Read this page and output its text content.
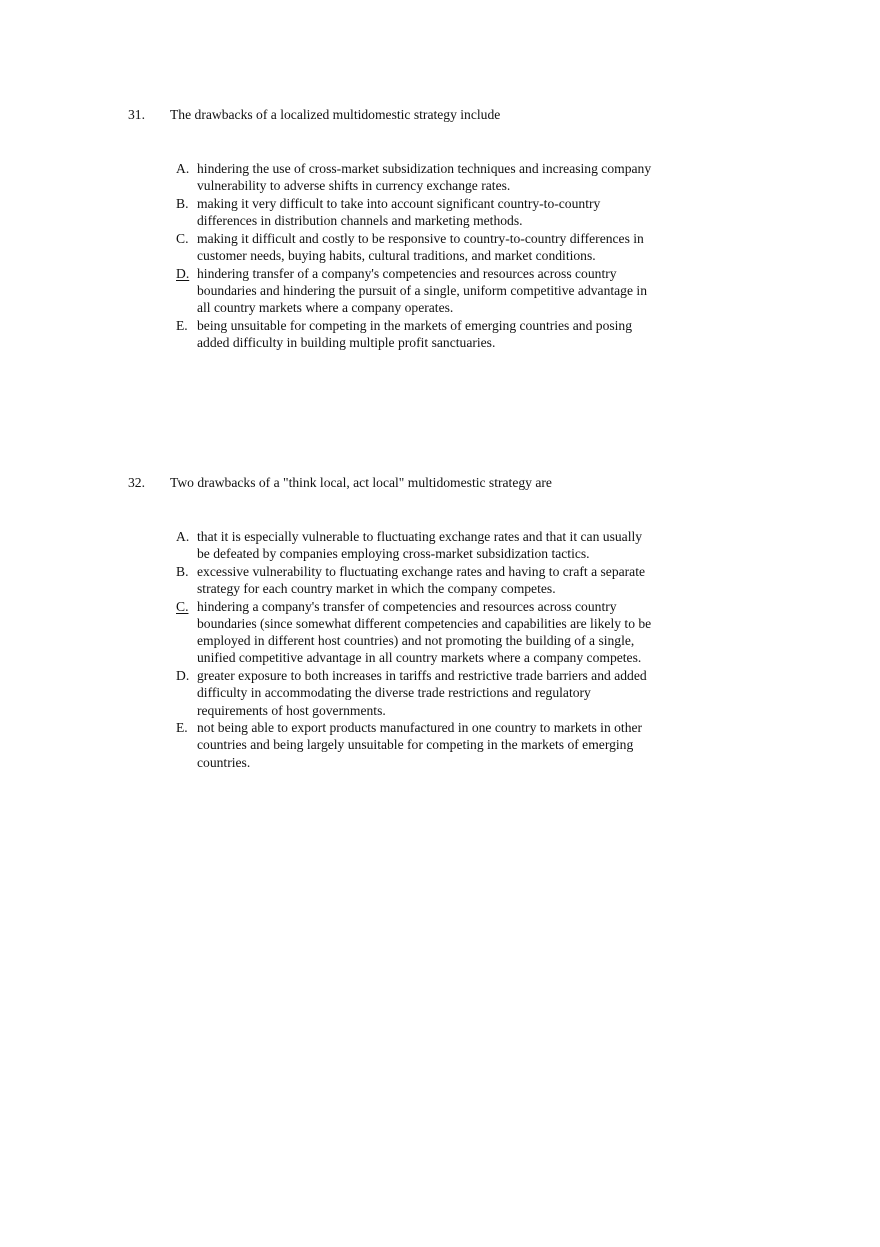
31. The drawbacks of a localized multidomestic strategy include
A. hindering the use of cross-market subsidization techniques and increasing company vulnerability to adverse shifts in currency exchange rates.
B. making it very difficult to take into account significant country-to-country differences in distribution channels and marketing methods.
C. making it difficult and costly to be responsive to country-to-country differences in customer needs, buying habits, cultural traditions, and market conditions.
D. hindering transfer of a company's competencies and resources across country boundaries and hindering the pursuit of a single, uniform competitive advantage in all country markets where a company operates.
E. being unsuitable for competing in the markets of emerging countries and posing added difficulty in building multiple profit sanctuaries.
32. Two drawbacks of a "think local, act local" multidomestic strategy are
A. that it is especially vulnerable to fluctuating exchange rates and that it can usually be defeated by companies employing cross-market subsidization tactics.
B. excessive vulnerability to fluctuating exchange rates and having to craft a separate strategy for each country market in which the company competes.
C. hindering a company's transfer of competencies and resources across country boundaries (since somewhat different competencies and capabilities are likely to be employed in different host countries) and not promoting the building of a single, unified competitive advantage in all country markets where a company competes.
D. greater exposure to both increases in tariffs and restrictive trade barriers and added difficulty in accommodating the diverse trade restrictions and regulatory requirements of host governments.
E. not being able to export products manufactured in one country to markets in other countries and being largely unsuitable for competing in the markets of emerging countries.
